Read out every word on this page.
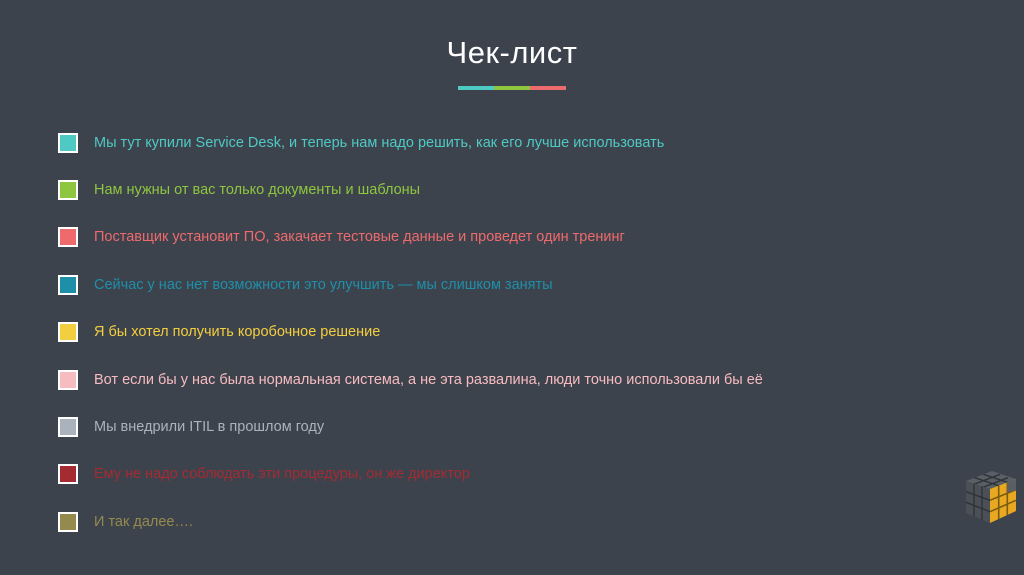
Чек-лист
Мы тут купили Service Desk, и теперь нам надо решить, как его лучше использовать
Нам нужны от вас только документы и шаблоны
Поставщик установит ПО, закачает тестовые данные и проведет один тренинг
Сейчас у нас нет возможности это улучшить — мы слишком заняты
Я бы хотел получить коробочное решение
Вот если бы у нас была нормальная система, а не эта развалина, люди точно использовали бы её
Мы внедрили ITIL в прошлом году
Ему не надо соблюдать эти процедуры, он же директор
И так далее….
